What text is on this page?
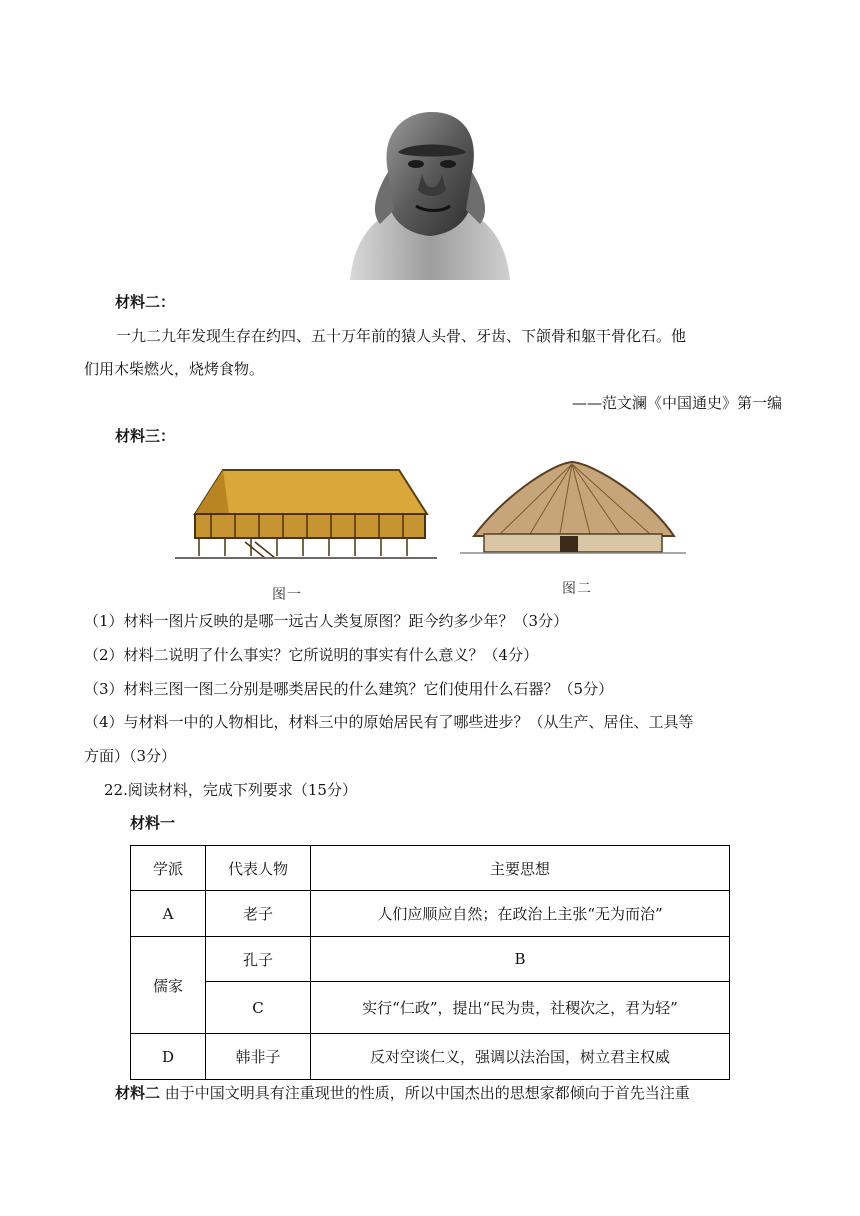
材料二：
一九二九年发现生存在约四、五十万年前的猿人头骨、牙齿、下颌骨和躯干骨化石。他
们用木柴燃火，烧烤食物。
——范文澜《中国通史》第一编
材料三：
图一	图二
（1）材料一图片反映的是哪一远古人类复原图？距今约多少年？（3分）
（2）材料二说明了什么事实？它所说明的事实有什么意义？（4分）
（3）材料三图一图二分别是哪类居民的什么建筑？它们使用什么石器？（5分）
（4）与材料一中的人物相比，材料三中的原始居民有了哪些进步？（从生产、居住、工具等
方面）（3分）
22.阅读材料，完成下列要求（15分）
材料一
学派	代表人物	主要思想
A	老子	人们应顺应自然；在政治上主张“无为而治”
儒家	孔子	B
	C	实行“仁政”，提出“民为贵，社稷次之，君为轻”
D	韩非子	反对空谈仁义，强调以法治国，树立君主权威
材料二 由于中国文明具有注重现世的性质，所以中国杰出的思想家都倾向于首先当注重
